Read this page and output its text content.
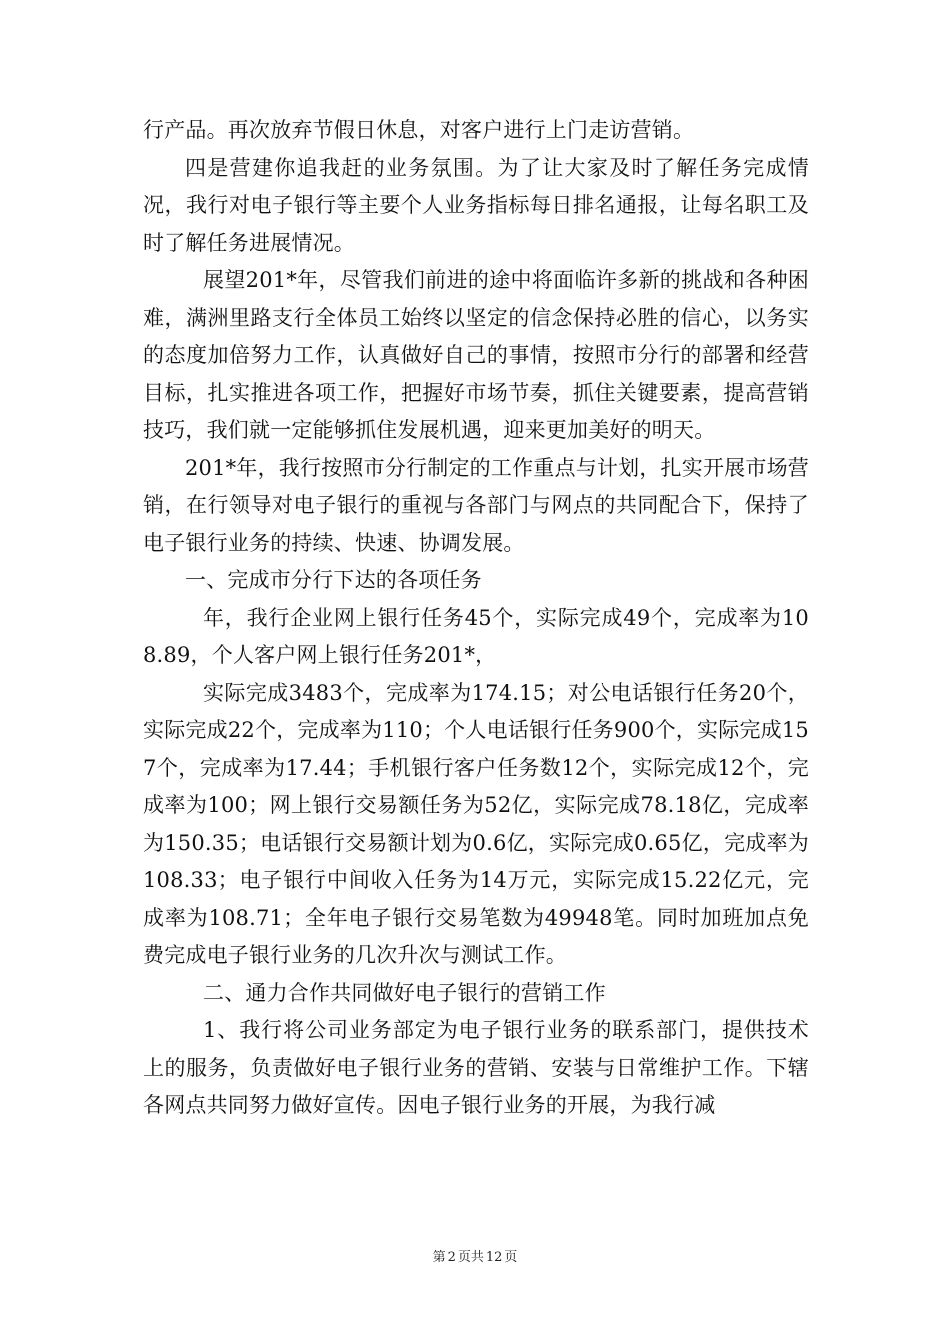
行产品。再次放弃节假日休息，对客户进行上门走访营销。

四是营建你追我赶的业务氛围。为了让大家及时了解任务完成情况，我行对电子银行等主要个人业务指标每日排名通报，让每名职工及时了解任务进展情况。

展望201*年，尽管我们前进的途中将面临许多新的挑战和各种困难，满洲里路支行全体员工始终以坚定的信念保持必胜的信心，以务实的态度加倍努力工作，认真做好自己的事情，按照市分行的部署和经营目标，扎实推进各项工作，把握好市场节奏，抓住关键要素，提高营销技巧，我们就一定能够抓住发展机遇，迎来更加美好的明天。

201*年，我行按照市分行制定的工作重点与计划，扎实开展市场营销，在行领导对电子银行的重视与各部门与网点的共同配合下，保持了电子银行业务的持续、快速、协调发展。

一、完成市分行下达的各项任务

年，我行企业网上银行任务45个，实际完成49个，完成率为108.89，个人客户网上银行任务201*，

实际完成3483个，完成率为174.15；对公电话银行任务20个，实际完成22个，完成率为110；个人电话银行任务900个，实际完成157个，完成率为17.44；手机银行客户任务数12个，实际完成12个，完成率为100；网上银行交易额任务为52亿，实际完成78.18亿，完成率为150.35；电话银行交易额计划为0.6亿，实际完成0.65亿，完成率为108.33；电子银行中间收入任务为14万元，实际完成15.22亿元，完成率为108.71；全年电子银行交易笔数为49948笔。同时加班加点免费完成电子银行业务的几次升次与测试工作。

二、通力合作共同做好电子银行的营销工作

1、我行将公司业务部定为电子银行业务的联系部门，提供技术上的服务，负责做好电子银行业务的营销、安装与日常维护工作。下辖各网点共同努力做好宣传。因电子银行业务的开展，为我行减

第 2 页共 12 页
